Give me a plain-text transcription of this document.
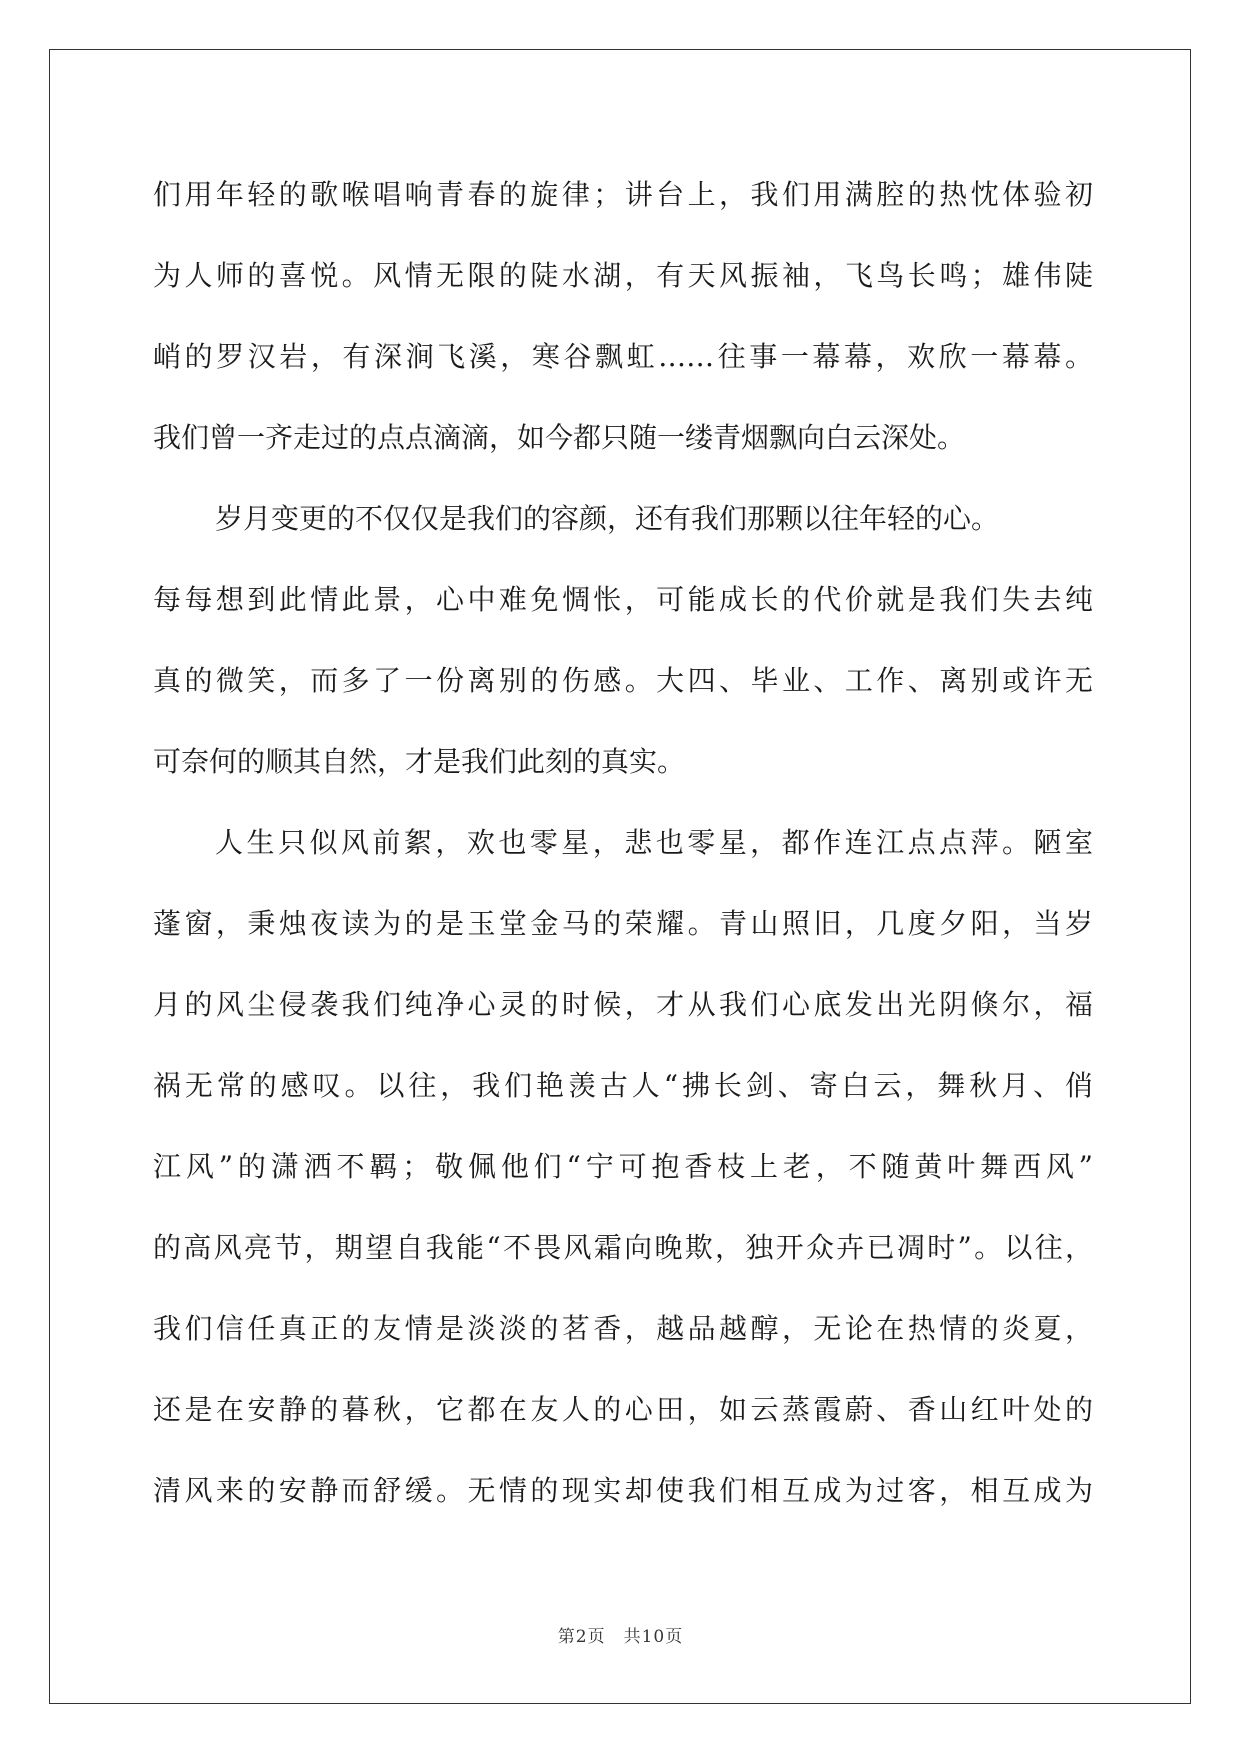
们用年轻的歌喉唱响青春的旋律；讲台上，我们用满腔的热忱体验初
为人师的喜悦。风情无限的陡水湖，有天风振袖，飞鸟长鸣；雄伟陡
峭的罗汉岩，有深涧飞溪，寒谷飘虹……往事一幕幕，欢欣一幕幕。
我们曾一齐走过的点点滴滴，如今都只随一缕青烟飘向白云深处。
岁月变更的不仅仅是我们的容颜，还有我们那颗以往年轻的心。
每每想到此情此景，心中难免惆怅，可能成长的代价就是我们失去纯
真的微笑，而多了一份离别的伤感。大四、毕业、工作、离别或许无
可奈何的顺其自然，才是我们此刻的真实。
人生只似风前絮，欢也零星，悲也零星，都作连江点点萍。陋室
蓬窗，秉烛夜读为的是玉堂金马的荣耀。青山照旧，几度夕阳，当岁
月的风尘侵袭我们纯净心灵的时候，才从我们心底发出光阴倏尔，福
祸无常的感叹。以往，我们艳羡古人“拂长剑、寄白云，舞秋月、俏
江风”的潇洒不羁；敬佩他们“宁可抱香枝上老，不随黄叶舞西风”
的高风亮节，期望自我能“不畏风霜向晚欺，独开众卉已凋时”。以往，
我们信任真正的友情是淡淡的茗香，越品越醇，无论在热情的炎夏，
还是在安静的暮秋，它都在友人的心田，如云蒸霞蔚、香山红叶处的
清风来的安静而舒缓。无情的现实却使我们相互成为过客，相互成为
第2页　共10页
